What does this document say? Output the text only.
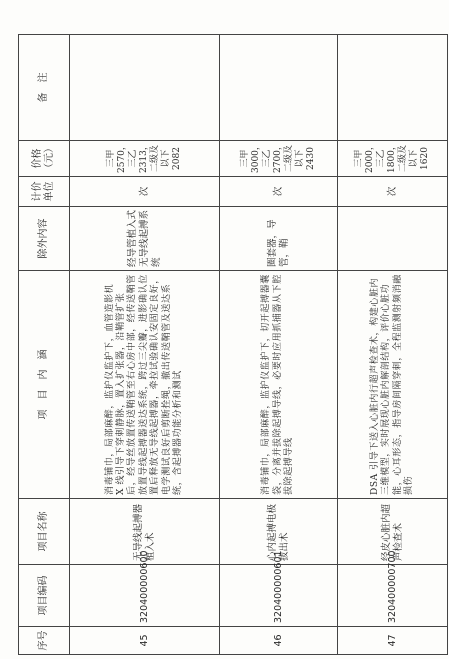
序号	项目编码	项目名称	项　目　内　涵	除外内容	计价单位	价格（元）	备　注
45	320400000600	无导线起搏器植入术	消毒铺巾，局部麻醉，监护仪监护下，血管造影机 X 线引导下穿刺静脉，置入扩张器，沿鞘管扩张后，经导丝放置传送鞘管至右心房中部，经传送鞘管放置导线起搏器送达系统，跨过三尖瓣，进影确认位置后释放无导线起搏器，牵拉试验确认安固定良好，电学测试良好后剪断拴绳，撤出传送鞘管及送达系统，含起搏器功能分析和测试	经导管植入式无导线起搏系统	次	三甲 2570，三乙 2313，二级及以下 2082	
46	320400000601	心内起搏电极拔出术	消毒铺巾，局部麻醉，监护仪监护下，切开起搏器囊袋，分离并拔除起搏导线，必要时应用抓捕器从下腔拔除起搏导线	圈套器，导管，鞘	次	三甲 3000，三乙 2700，二级及以下 2430	
47	320400000700	经皮心脏内超声检查术	DSA 引导下送入心脏内行超声检查术，构建心脏内三维模型，实时展现心脏内解剖结构，评价心脏功能，心耳形态，指导房间隔穿刺，全程监测射频消融损伤		次	三甲 2000，三乙 1800，二级及以下 1620	
